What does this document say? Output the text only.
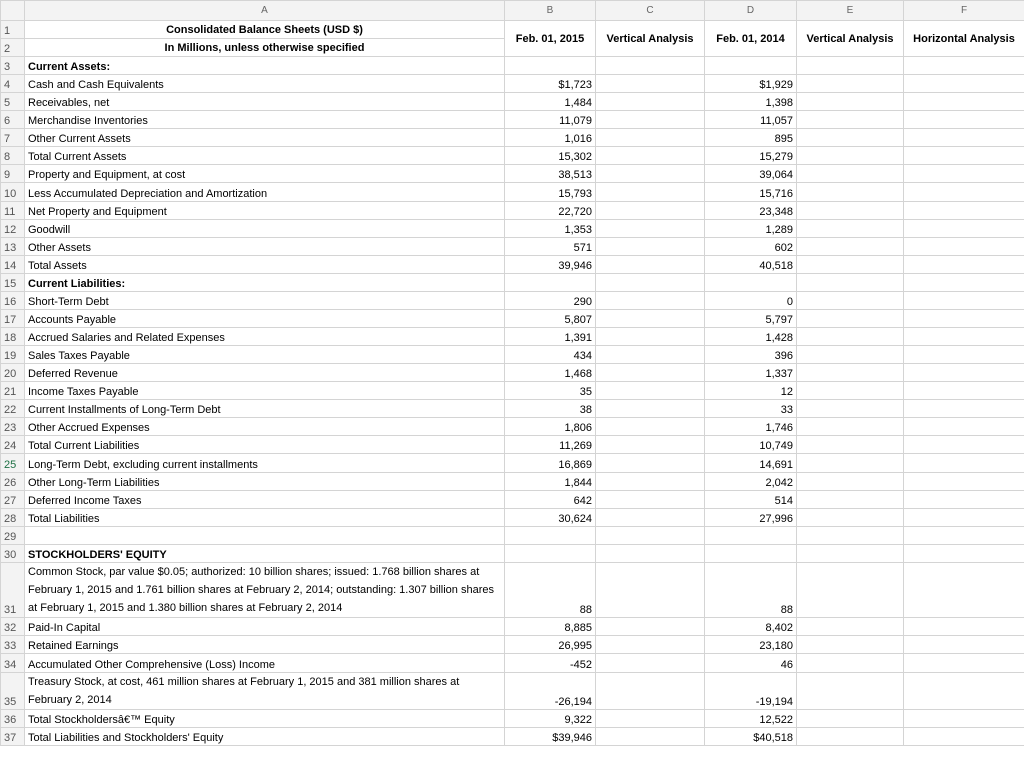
	A	B	C	D	E	F
1	Consolidated Balance Sheets (USD $)	Feb. 01, 2015	Vertical Analysis	Feb. 01, 2014	Vertical Analysis	Horizontal Analysis
2	In Millions, unless otherwise specified					
3	Current Assets:					
4	Cash and Cash Equivalents	$1,723		$1,929		
5	Receivables, net	1,484		1,398		
6	Merchandise Inventories	11,079		11,057		
7	Other Current Assets	1,016		895		
8	Total Current Assets	15,302		15,279		
9	Property and Equipment, at cost	38,513		39,064		
10	Less Accumulated Depreciation and Amortization	15,793		15,716		
11	Net Property and Equipment	22,720		23,348		
12	Goodwill	1,353		1,289		
13	Other Assets	571		602		
14	Total Assets	39,946		40,518		
15	Current Liabilities:					
16	Short-Term Debt	290		0		
17	Accounts Payable	5,807		5,797		
18	Accrued Salaries and Related Expenses	1,391		1,428		
19	Sales Taxes Payable	434		396		
20	Deferred Revenue	1,468		1,337		
21	Income Taxes Payable	35		12		
22	Current Installments of Long-Term Debt	38		33		
23	Other Accrued Expenses	1,806		1,746		
24	Total Current Liabilities	11,269		10,749		
25	Long-Term Debt, excluding current installments	16,869		14,691		
26	Other Long-Term Liabilities	1,844		2,042		
27	Deferred Income Taxes	642		514		
28	Total Liabilities	30,624		27,996		
29						
30	STOCKHOLDERS' EQUITY					
31	Common Stock, par value $0.05; authorized: 10 billion shares; issued: 1.768 billion shares at February 1, 2015 and 1.761 billion shares at February 2, 2014; outstanding: 1.307 billion shares at February 1, 2015 and 1.380 billion shares at February 2, 2014	88		88		
32	Paid-In Capital	8,885		8,402		
33	Retained Earnings	26,995		23,180		
34	Accumulated Other Comprehensive (Loss) Income	-452		46		
35	Treasury Stock, at cost, 461 million shares at February 1, 2015 and 381 million shares at February 2, 2014	-26,194		-19,194		
36	Total Stockholdersâ€™ Equity	9,322		12,522		
37	Total Liabilities and Stockholders' Equity	$39,946		$40,518		
